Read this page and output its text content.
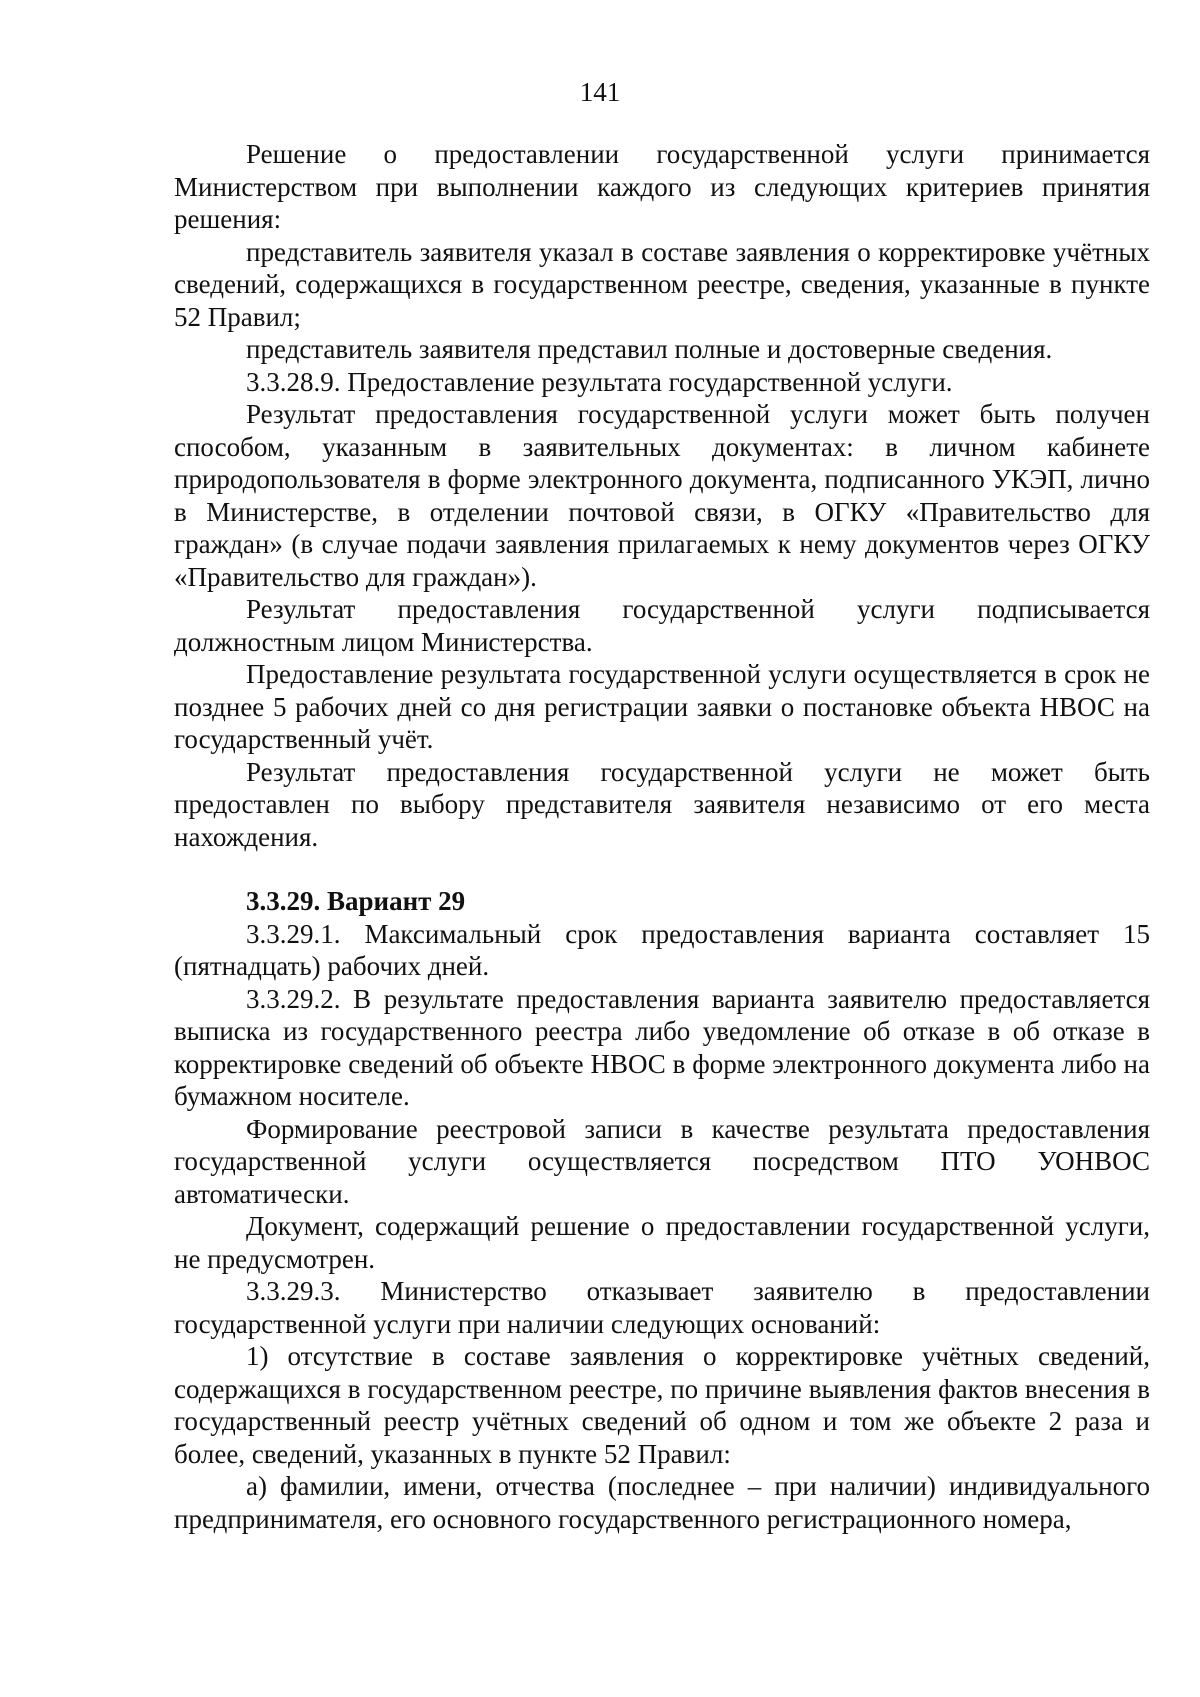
141

Решение о предоставлении государственной услуги принимается Министерством при выполнении каждого из следующих критериев принятия решения:

представитель заявителя указал в составе заявления о корректировке учётных сведений, содержащихся в государственном реестре, сведения, указанные в пункте 52 Правил;

представитель заявителя представил полные и достоверные сведения.

3.3.28.9. Предоставление результата государственной услуги.

Результат предоставления государственной услуги может быть получен способом, указанным в заявительных документах: в личном кабинете природопользователя в форме электронного документа, подписанного УКЭП, лично в Министерстве, в отделении почтовой связи, в ОГКУ «Правительство для граждан» (в случае подачи заявления прилагаемых к нему документов через ОГКУ «Правительство для граждан»).

Результат предоставления государственной услуги подписывается должностным лицом Министерства.

Предоставление результата государственной услуги осуществляется в срок не позднее 5 рабочих дней со дня регистрации заявки о постановке объекта НВОС на государственный учёт.

Результат предоставления государственной услуги не может быть предоставлен по выбору представителя заявителя независимо от его места нахождения.

3.3.29. Вариант 29

3.3.29.1. Максимальный срок предоставления варианта составляет 15 (пятнадцать) рабочих дней.

3.3.29.2. В результате предоставления варианта заявителю предоставляется выписка из государственного реестра либо уведомление об отказе в об отказе в корректировке сведений об объекте НВОС в форме электронного документа либо на бумажном носителе.

Формирование реестровой записи в качестве результата предоставления государственной услуги осуществляется посредством ПТО УОНВОС автоматически.

Документ, содержащий решение о предоставлении государственной услуги, не предусмотрен.

3.3.29.3. Министерство отказывает заявителю в предоставлении государственной услуги при наличии следующих оснований:

1) отсутствие в составе заявления о корректировке учётных сведений, содержащихся в государственном реестре, по причине выявления фактов внесения в государственный реестр учётных сведений об одном и том же объекте 2 раза и более, сведений, указанных в пункте 52 Правил:

а) фамилии, имени, отчества (последнее – при наличии) индивидуального предпринимателя, его основного государственного регистрационного номера,
